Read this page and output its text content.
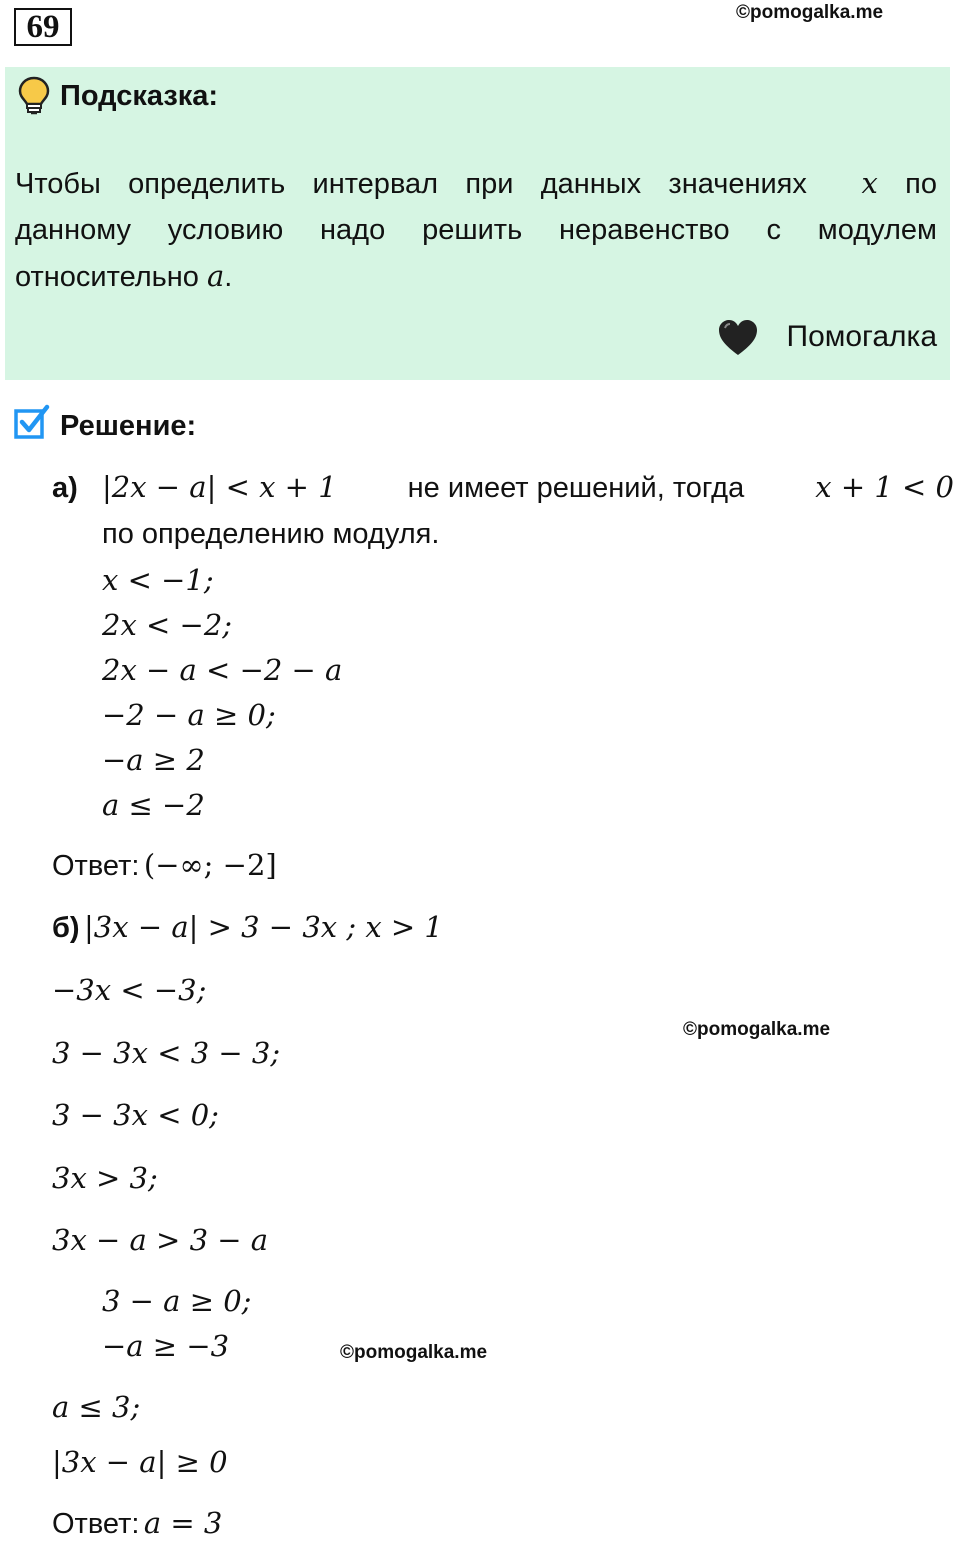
69	©pomogalka.me
Подсказка:
Чтобы определить интервал при данных значениях x по
данному условию надо решить неравенство с модулем
относительно a.
Помогалка
Решение:
а) |2x − a| < x + 1 не имеет решений, тогда x + 1 < 0
по определению модуля.
x < −1;
2x < −2;
2x − a < −2 − a
−2 − a ≥ 0;
−a ≥ 2
a ≤ −2
Ответ: (−∞; −2]
б) |3x − a| > 3 − 3x ; x > 1
−3x < −3;
©pomogalka.me
3 − 3x < 3 − 3;
3 − 3x < 0;
3x > 3;
3x − a > 3 − a
3 − a ≥ 0;
−a ≥ −3	©pomogalka.me
a ≤ 3;
|3x − a| ≥ 0
Ответ: a = 3
